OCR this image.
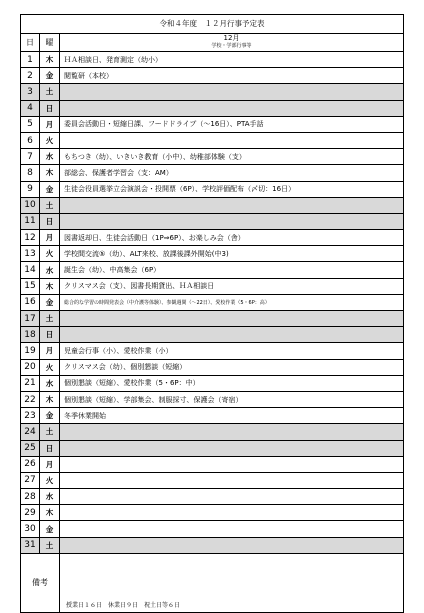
令和４年度　１２月行事予定表
日	曜	12月
学校・学部行事等
1	木	ＨＡ相談日、発育測定（幼小）
2	金	閲覧研（本校）
3	土
4	日
5	月	委員会活動日・短縮日課、フードドライブ（〜16日）、PTA手話
6	火
7	水	もちつき（幼）、いきいき教育（小中）、幼稚部体験（支）
8	木	部総会、保護者学習会（支：AM）
9	金	生徒会役員選挙立会演説会・投開票（6P）、学校評価配布（〆切：16日）
10	土
11	日
12	月	図書返却日、生徒会活動日（1P⇒6P）、お楽しみ会（舎）
13	火	学校間交流⑤（幼）、ALT来校、放課後課外開始(中3)
14	水	誕生会（幼）、中高集会（6P）
15	木	クリスマス会（支）、図書長期貸出、ＨＡ相談日
16	金	総合的な学習の時間発表会（中介護等体験）、参観週間（〜22日）、愛校作業（5・6P：高）
17	土
18	日
19	月	児童会行事（小）、愛校作業（小）
20	火	クリスマス会（幼）、個別懇談（短縮）
21	水	個別懇談（短縮）、愛校作業（5・6P：中）
22	木	個別懇談（短縮）、学部集会、制服採寸、保護会（寄宿）
23	金	冬季休業開始
24	土
25	日
26	月
27	火
28	水
29	木
30	金
31	土
備考
授業日１６日　休業日９日　祝土日等６日
